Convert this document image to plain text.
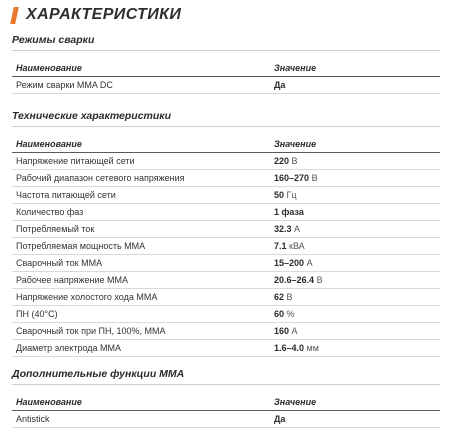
ХАРАКТЕРИСТИКИ
Режимы сварки
Наименование	Значение
Режим сварки MMA DC	Да
Технические характеристики
Наименование	Значение
Напряжение питающей сети	220 В
Рабочий диапазон сетевого напряжения	160–270 В
Частота питающей сети	50 Гц
Количество фаз	1 фаза
Потребляемый ток	32.3 А
Потребляемая мощность MMA	7.1 кВА
Сварочный ток MMA	15–200 А
Рабочее напряжение MMA	20.6–26.4 В
Напряжение холостого хода MMA	62 В
ПН (40°C)	60 %
Сварочный ток при ПН, 100%, MMA	160 А
Диаметр электрода MMA	1.6–4.0 мм
Дополнительные функции MMA
Наименование	Значение
Antistick	Да
